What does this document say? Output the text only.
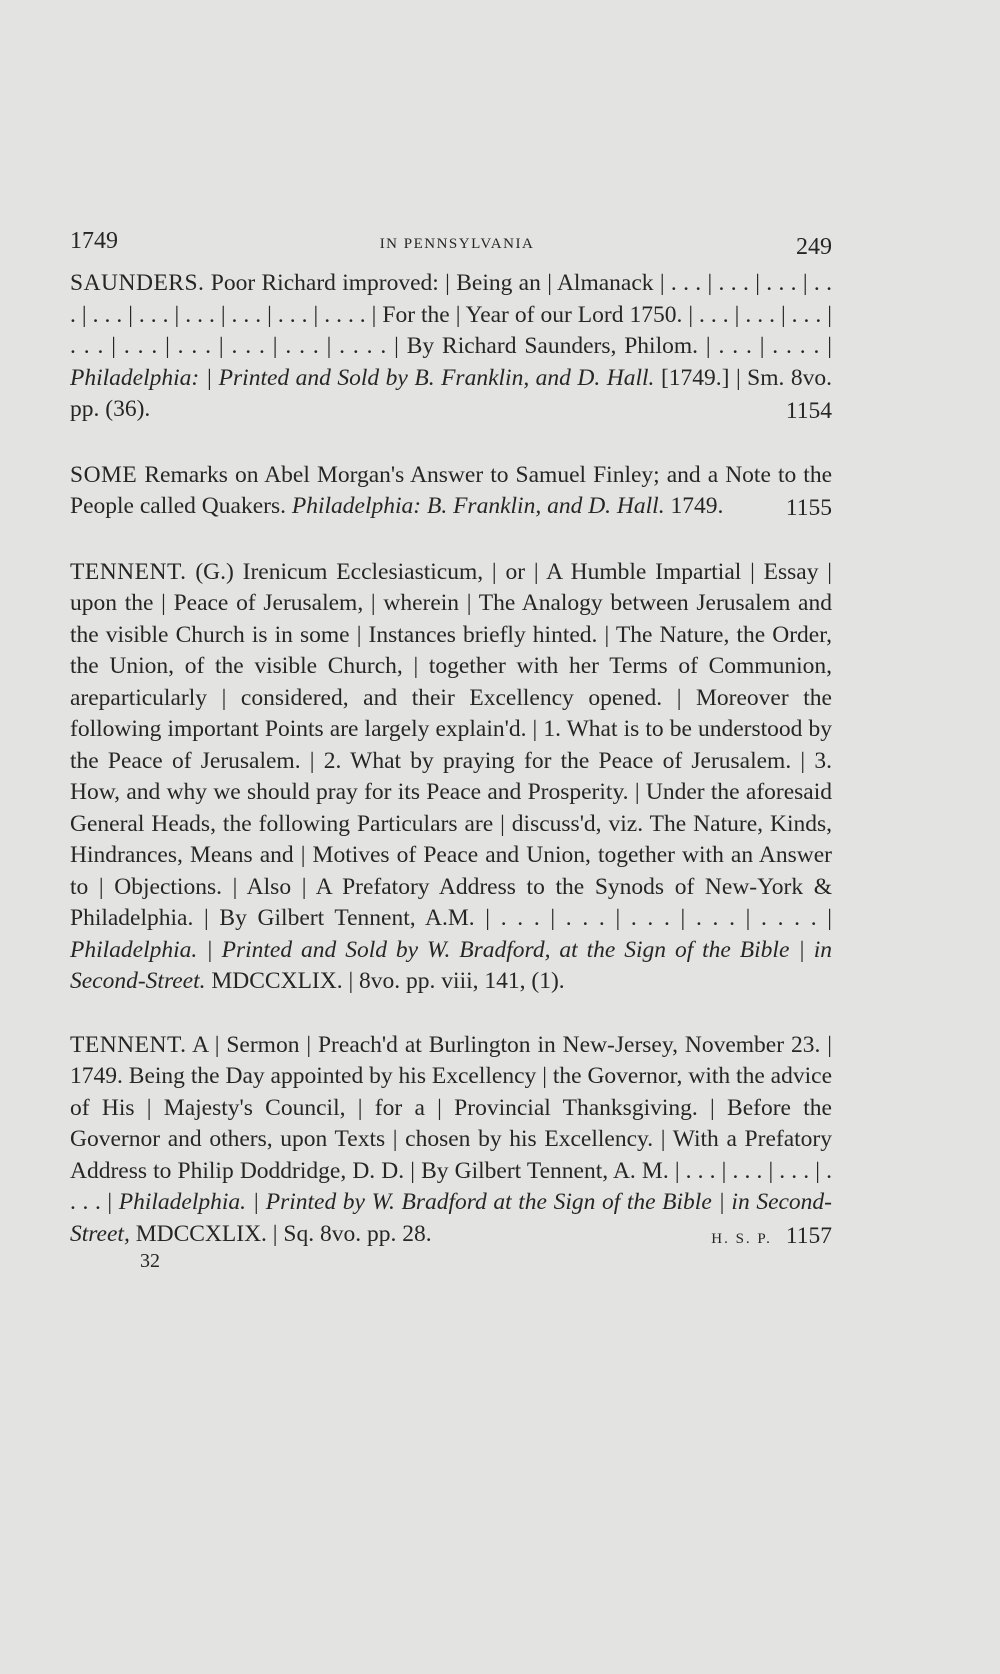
1749	IN PENNSYLVANIA	249

SAUNDERS. Poor Richard improved: | Being an | Almanack | . . . | . . . | . . . | . . . | . . . | . . . | . . . | . . . | . . . | . . . . | For the | Year of our Lord 1750. | . . . | . . . | . . . | . . . | . . . | . . . | . . . | . . . | . . . . | By Richard Saunders, Philom. | . . . | . . . . | Philadelphia: | Printed and Sold by B. Franklin, and D. Hall. [1749.] | Sm. 8vo. pp. (36).	1154

SOME Remarks on Abel Morgan's Answer to Samuel Finley; and a Note to the People called Quakers. Philadelphia: B. Franklin, and D. Hall. 1749.	1155

TENNENT. (G.) Irenicum Ecclesiasticum, | or | A Humble Impartial | Essay | upon the | Peace of Jerusalem, | wherein | The Analogy between Jerusalem and the visible Church is in some | Instances briefly hinted. | The Nature, the Order, the Union, of the visible Church, | together with her Terms of Communion, areparticularly | considered, and their Excellency opened. | Moreover the following important Points are largely explain'd. | 1. What is to be understood by the Peace of Jerusalem. | 2. What by praying for the Peace of Jerusalem. | 3. How, and why we should pray for its Peace and Prosperity. | Under the aforesaid General Heads, the following Particulars are | discuss'd, viz. The Nature, Kinds, Hindrances, Means and | Motives of Peace and Union, together with an Answer to | Objections. | Also | A Prefatory Address to the Synods of New-York & Philadelphia. | By Gilbert Tennent, A.M. | . . . | . . . | . . . | . . . | . . . . | Philadelphia. | Printed and Sold by W. Bradford, at the Sign of the Bible | in Second-Street. MDCCXLIX. | 8vo. pp. viii, 141, (1).

TENNENT. A | Sermon | Preach'd at Burlington in New-Jersey, November 23. | 1749. Being the Day appointed by his Excellency | the Governor, with the advice of His | Majesty's Council, | for a | Provincial Thanksgiving. | Before the Governor and others, upon Texts | chosen by his Excellency. | With a Prefatory Address to Philip Doddridge, D. D. | By Gilbert Tennent, A. M. | . . . | . . . | . . . | . . . . | Philadelphia. | Printed by W. Bradford at the Sign of the Bible | in Second-Street, MDCCXLIX. | Sq. 8vo. pp. 28.	H. S. P. 1157

32
